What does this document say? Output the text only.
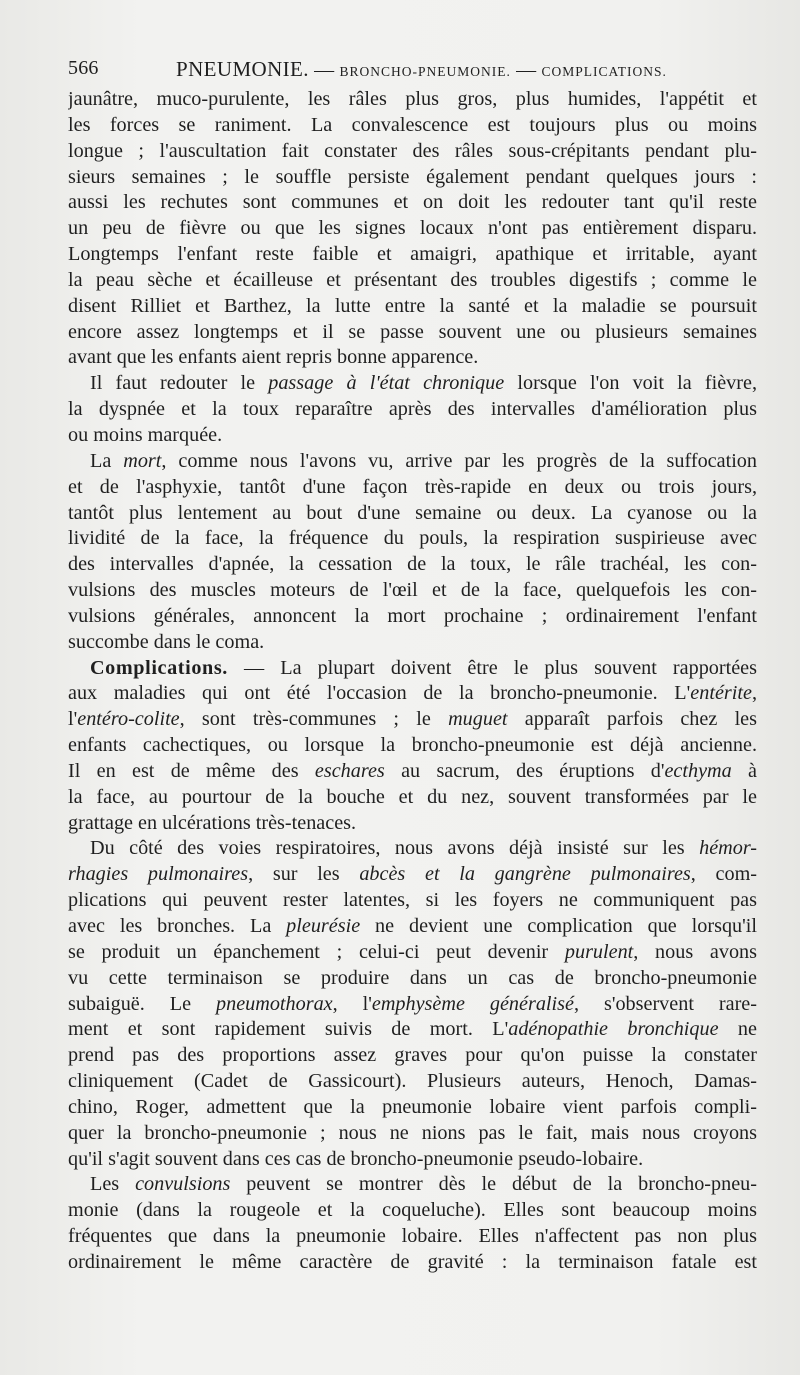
566	PNEUMONIE. — BRONCHO-PNEUMONIE. — COMPLICATIONS.
jaunâtre, muco-purulente, les râles plus gros, plus humides, l'appétit et
les forces se raniment. La convalescence est toujours plus ou moins
longue ; l'auscultation fait constater des râles sous-crépitants pendant plu-
sieurs semaines ; le souffle persiste également pendant quelques jours :
aussi les rechutes sont communes et on doit les redouter tant qu'il reste
un peu de fièvre ou que les signes locaux n'ont pas entièrement disparu.
Longtemps l'enfant reste faible et amaigri, apathique et irritable, ayant
la peau sèche et écailleuse et présentant des troubles digestifs ; comme le
disent Rilliet et Barthez, la lutte entre la santé et la maladie se poursuit
encore assez longtemps et il se passe souvent une ou plusieurs semaines
avant que les enfants aient repris bonne apparence.
Il faut redouter le passage à l'état chronique lorsque l'on voit la fièvre,
la dyspnée et la toux reparaître après des intervalles d'amélioration plus
ou moins marquée.
La mort, comme nous l'avons vu, arrive par les progrès de la suffocation
et de l'asphyxie, tantôt d'une façon très-rapide en deux ou trois jours,
tantôt plus lentement au bout d'une semaine ou deux. La cyanose ou la
lividité de la face, la fréquence du pouls, la respiration suspirieuse avec
des intervalles d'apnée, la cessation de la toux, le râle trachéal, les con-
vulsions des muscles moteurs de l'œil et de la face, quelquefois les con-
vulsions générales, annoncent la mort prochaine ; ordinairement l'enfant
succombe dans le coma.
Complications. — La plupart doivent être le plus souvent rapportées
aux maladies qui ont été l'occasion de la broncho-pneumonie. L'entérite,
l'entéro-colite, sont très-communes ; le muguet apparaît parfois chez les
enfants cachectiques, ou lorsque la broncho-pneumonie est déjà ancienne.
Il en est de même des eschares au sacrum, des éruptions d'ecthyma à
la face, au pourtour de la bouche et du nez, souvent transformées par le
grattage en ulcérations très-tenaces.
Du côté des voies respiratoires, nous avons déjà insisté sur les hémor-
rhagies pulmonaires, sur les abcès et la gangrène pulmonaires, com-
plications qui peuvent rester latentes, si les foyers ne communiquent pas
avec les bronches. La pleurésie ne devient une complication que lorsqu'il
se produit un épanchement ; celui-ci peut devenir purulent, nous avons
vu cette terminaison se produire dans un cas de broncho-pneumonie
subaiguë. Le pneumothorax, l'emphysème généralisé, s'observent rare-
ment et sont rapidement suivis de mort. L'adénopathie bronchique ne
prend pas des proportions assez graves pour qu'on puisse la constater
cliniquement (Cadet de Gassicourt). Plusieurs auteurs, Henoch, Damas-
chino, Roger, admettent que la pneumonie lobaire vient parfois compli-
quer la broncho-pneumonie ; nous ne nions pas le fait, mais nous croyons
qu'il s'agit souvent dans ces cas de broncho-pneumonie pseudo-lobaire.
Les convulsions peuvent se montrer dès le début de la broncho-pneu-
monie (dans la rougeole et la coqueluche). Elles sont beaucoup moins
fréquentes que dans la pneumonie lobaire. Elles n'affectent pas non plus
ordinairement le même caractère de gravité : la terminaison fatale est
